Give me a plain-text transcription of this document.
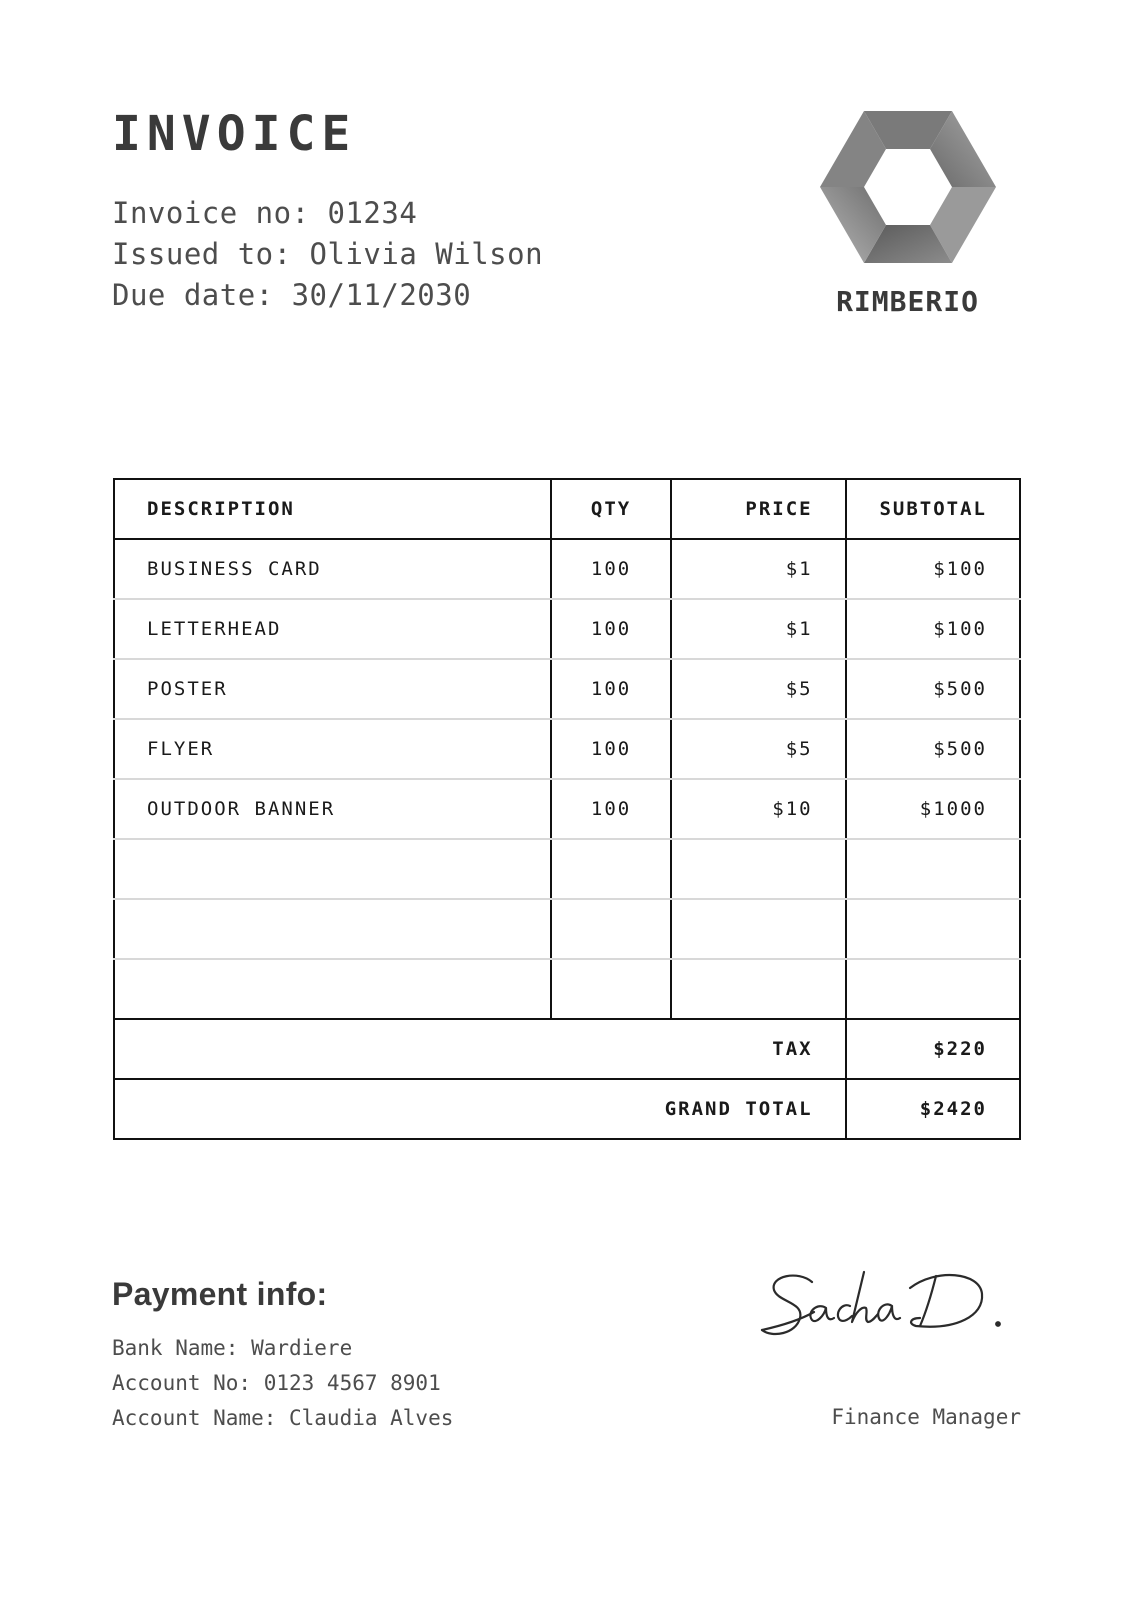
INVOICE
Invoice no: 01234
Issued to: Olivia Wilson
Due date: 30/11/2030	RIMBERIO
DESCRIPTION	QTY	PRICE	SUBTOTAL
BUSINESS CARD	100	$1	$100
LETTERHEAD	100	$1	$100
POSTER	100	$5	$500
FLYER	100	$5	$500
OUTDOOR BANNER	100	$10	$1000

TAX			$220
GRAND TOTAL			$2420
Payment info:
Bank Name: Wardiere
Account No: 0123 4567 8901
Account Name: Claudia Alves	Finance Manager
